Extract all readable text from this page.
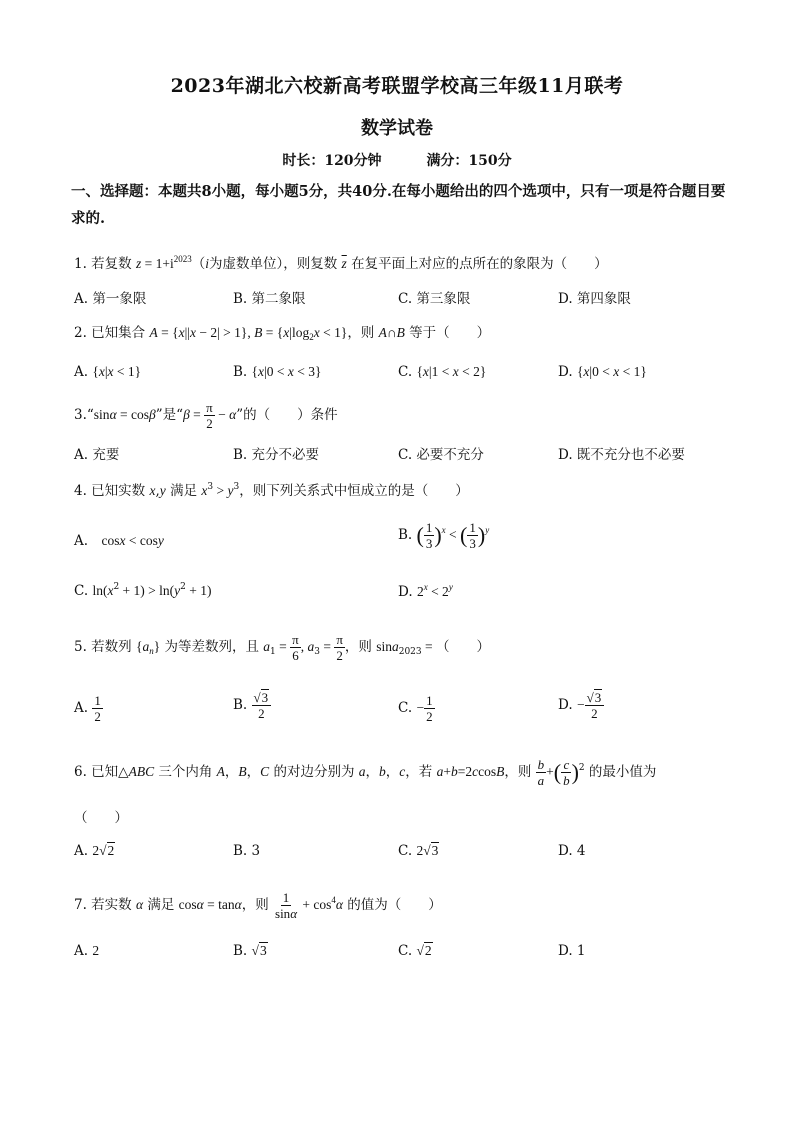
2023年湖北六校新高考联盟学校高三年级11月联考
数学试卷
时长：120分钟	满分：150分
一、选择题：本题共8小题，每小题5分，共40分.在每小题给出的四个选项中，只有一项是符合题目要求的.
1. 若复数 $z = 1+i^{2023}(i$为虚数单位），则复数 $\overline{z}$ 在复平面上对应的点所在的象限为（　　）
A. 第一象限	B. 第二象限	C. 第三象限	D. 第四象限
2. 已知集合 A = {x||x − 2| > 1}, $B = \{x|\log_2x < 1\}$，则 A∩B 等于（　　）
A. {x|x < 1}	B. {x|0 < x < 3}	C. {x|1 < x < 2}	D. {x|0 < x < 1}
3.“sinα = cosβ”是“$\beta = \frac{\pi}{2} - \alpha$”的（　　）条件
A. 充要	B. 充分不必要	C. 必要不充分	D. 既不充分也不必要
4. 已知实数 x,y 满足 $x^3 > y^3$，则下列关系式中恒成立的是（　　）
A.　 cosx < cosy	B. ( $\frac{1}{3} )^x$ < ( $\frac{1}{3} )^y$
C. $\ln(x^2 + 1) > \ln(y^2 + 1)$	D. $2^x < 2^y$
5. 若数列 $\{a_n\}$ 为等差数列，且 $a_1 = \frac{\pi}{6}$ , $a_3 = \frac{\pi}{2}$ ，则 sina$_{2023}$ = （　　）
A. $\frac{1}{2}$	B. $\frac{√3}{2}$	C. − $\frac{1}{2}$	D. − $\frac{√3}{2}$
6. 已知△ABC 三个内角 A，B，C 的对边分别为 a，b，c，若 a+b=2ccosB，则 $\frac{b}{a}$ +( $\frac{c}{b} )^2$ 的最小值为
（　　）
A. 2√2	B. 3	C. 2√3	D. 4
7. 若实数 α 满足 cosα = tanα，则 $\frac{1}{\sin\alpha} + \cos^4\alpha$ 的值为（　　）
A. 2	B. √3	C. √2	D. 1
